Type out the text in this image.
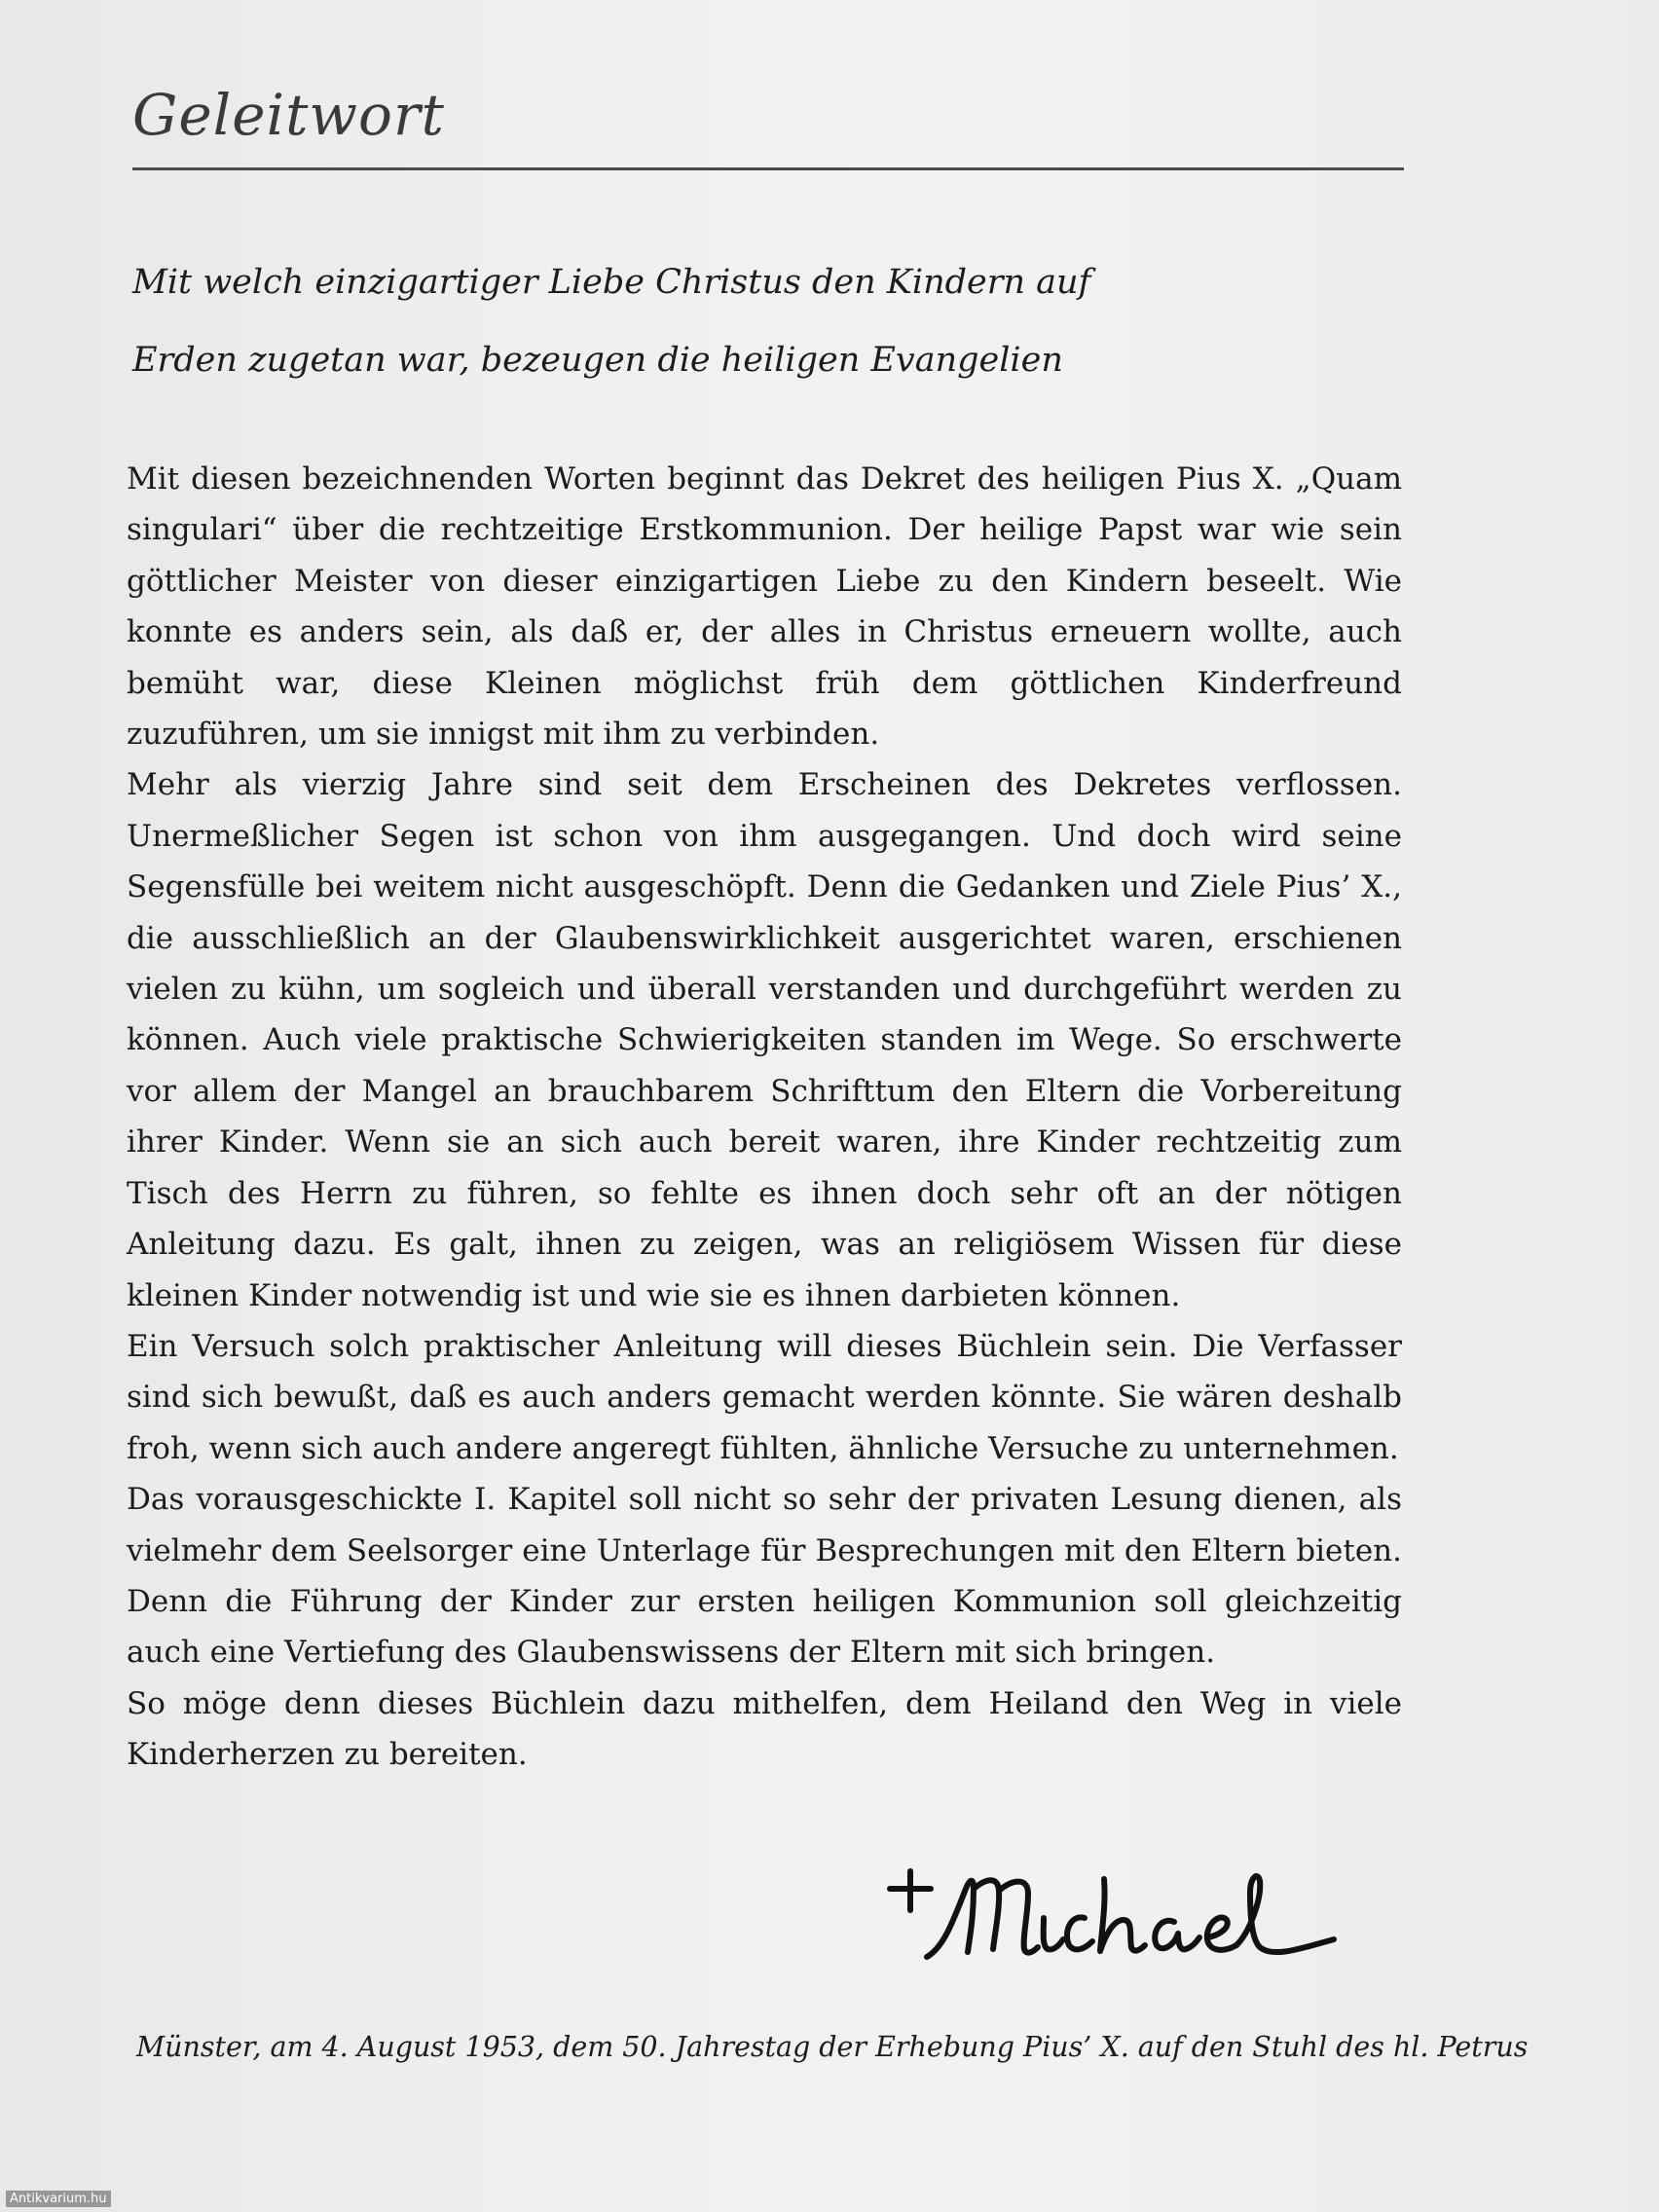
Geleitwort
Mit welch einzigartiger Liebe Christus den Kindern auf
Erden zugetan war, bezeugen die heiligen Evangelien

Mit diesen bezeichnenden Worten beginnt das Dekret des heiligen Pius X. „Quam singulari“ über die rechtzeitige Erstkommunion. Der heilige Papst war wie sein göttlicher Meister von dieser einzigartigen Liebe zu den Kindern beseelt. Wie konnte es anders sein, als daß er, der alles in Christus erneuern wollte, auch bemüht war, diese Kleinen möglichst früh dem göttlichen Kinderfreund zuzuführen, um sie innigst mit ihm zu verbinden.

Mehr als vierzig Jahre sind seit dem Erscheinen des Dekretes verflossen. Unermeßlicher Segen ist schon von ihm ausgegangen. Und doch wird seine Segensfülle bei weitem nicht ausgeschöpft. Denn die Gedanken und Ziele Pius’ X., die ausschließlich an der Glaubenswirklichkeit ausgerichtet waren, erschienen vielen zu kühn, um sogleich und überall verstanden und durchgeführt werden zu können. Auch viele praktische Schwierigkeiten standen im Wege. So erschwerte vor allem der Mangel an brauchbarem Schrifttum den Eltern die Vorbereitung ihrer Kinder. Wenn sie an sich auch bereit waren, ihre Kinder rechtzeitig zum Tisch des Herrn zu führen, so fehlte es ihnen doch sehr oft an der nötigen Anleitung dazu. Es galt, ihnen zu zeigen, was an religiösem Wissen für diese kleinen Kinder notwendig ist und wie sie es ihnen darbieten können.

Ein Versuch solch praktischer Anleitung will dieses Büchlein sein. Die Verfasser sind sich bewußt, daß es auch anders gemacht werden könnte. Sie wären deshalb froh, wenn sich auch andere angeregt fühlten, ähnliche Versuche zu unternehmen.

Das vorausgeschickte I. Kapitel soll nicht so sehr der privaten Lesung dienen, als vielmehr dem Seelsorger eine Unterlage für Besprechungen mit den Eltern bieten. Denn die Führung der Kinder zur ersten heiligen Kommunion soll gleichzeitig auch eine Vertiefung des Glaubenswissens der Eltern mit sich bringen.

So möge denn dieses Büchlein dazu mithelfen, dem Heiland den Weg in viele Kinderherzen zu bereiten.

Münster, am 4. August 1953, dem 50. Jahrestag der Erhebung Pius’ X. auf den Stuhl des hl. Petrus

Antikvarium.hu
